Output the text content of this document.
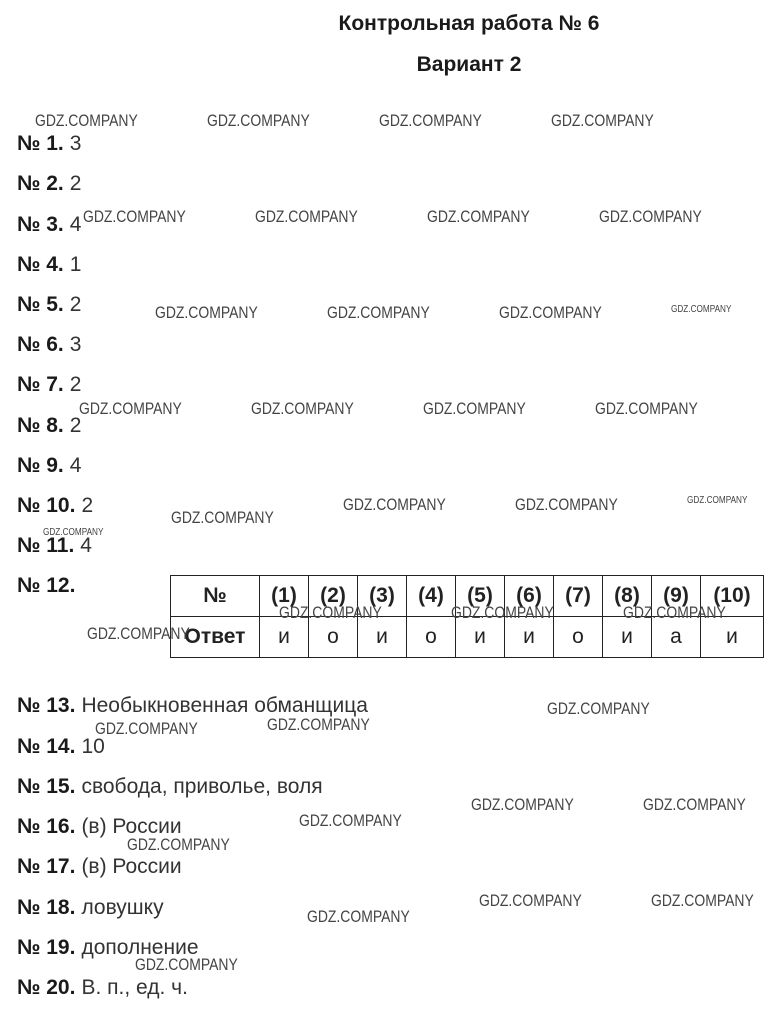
Контрольная работа № 6
Вариант 2
№ 1. 3
№ 2. 2
№ 3. 4
№ 4. 1
№ 5. 2
№ 6. 3
№ 7. 2
№ 8. 2
№ 9. 4
№ 10. 2
№ 11. 4
№ 12.	№	(1)	(2)	(3)	(4)	(5)	(6)	(7)	(8)	(9)	(10)
Ответ	и	о	и	о	и	и	о	и	а	и
№ 13. Необыкновенная обманщица
№ 14. 10
№ 15. свобода, приволье, воля
№ 16. (в) России
№ 17. (в) России
№ 18. ловушку
№ 19. дополнение
№ 20. В. п., ед. ч.
GDZ.COMPANY	GDZ.COMPANY	GDZ.COMPANY	GDZ.COMPANY
GDZ.COMPANY	GDZ.COMPANY	GDZ.COMPANY	GDZ.COMPANY
GDZ.COMPANY	GDZ.COMPANY	GDZ.COMPANY	GDZ.COMPANY
GDZ.COMPANY	GDZ.COMPANY	GDZ.COMPANY	GDZ.COMPANY
GDZ.COMPANY
GDZ.COMPANY	GDZ.COMPANY	GDZ.COMPANY
GDZ.COMPANY
GDZ.COMPANY
GDZ.COMPANY	GDZ.COMPANY	GDZ.COMPANY
GDZ.COMPANY
GDZ.COMPANY	GDZ.COMPANY
GDZ.COMPANY	GDZ.COMPANY
GDZ.COMPANY
GDZ.COMPANY
GDZ.COMPANY	GDZ.COMPANY
GDZ.COMPANY
GDZ.COMPANY
